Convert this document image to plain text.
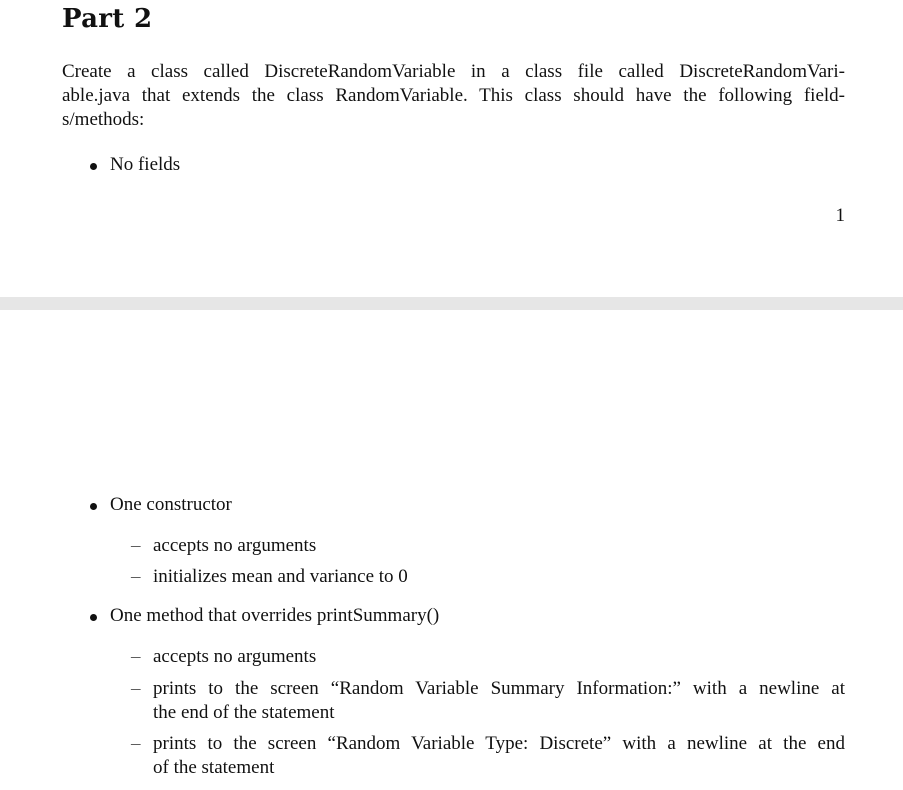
Part 2

Create a class called DiscreteRandomVariable in a class file called DiscreteRandomVari-
able.java that extends the class RandomVariable. This class should have the following field-
s/methods:

No fields
1
One constructor
– accepts no arguments
– initializes mean and variance to 0
One method that overrides printSummary()
– accepts no arguments
– prints to the screen “Random Variable Summary Information:” with a newline at
the end of the statement
– prints to the screen “Random Variable Type: Discrete” with a newline at the end
of the statement
